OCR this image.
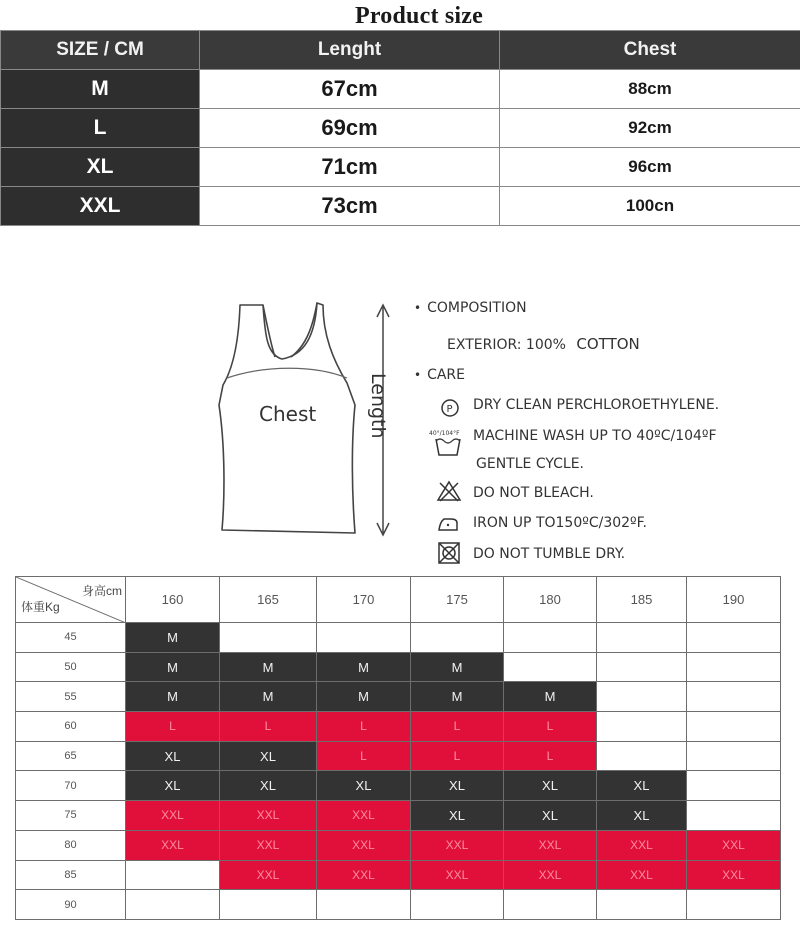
Product size
SIZE / CM	Lenght	Chest
M	67cm	88cm
L	69cm	92cm
XL	71cm	96cm
XXL	73cm	100cn
Chest	Length
• COMPOSITION
EXTERIOR: 100% COTTON
• CARE
P
40°/104°F
DRY CLEAN PERCHLOROETHYLENE.
MACHINE WASH UP TO 40ºC/104ºF
GENTLE CYCLE.
DO NOT BLEACH.
IRON UP TO150ºC/302ºF.
DO NOT TUMBLE DRY.
身高cm
体重Kg	160	165	170	175	180	185	190
45	M						
50	M	M	M	M			
55	M	M	M	M	M		
60	L	L	L	L	L		
65	XL	XL	L	L	L		
70	XL	XL	XL	XL	XL	XL	
75	XXL	XXL	XXL	XL	XL	XL	
80	XXL	XXL	XXL	XXL	XXL	XXL	XXL
85		XXL	XXL	XXL	XXL	XXL	XXL
90							
